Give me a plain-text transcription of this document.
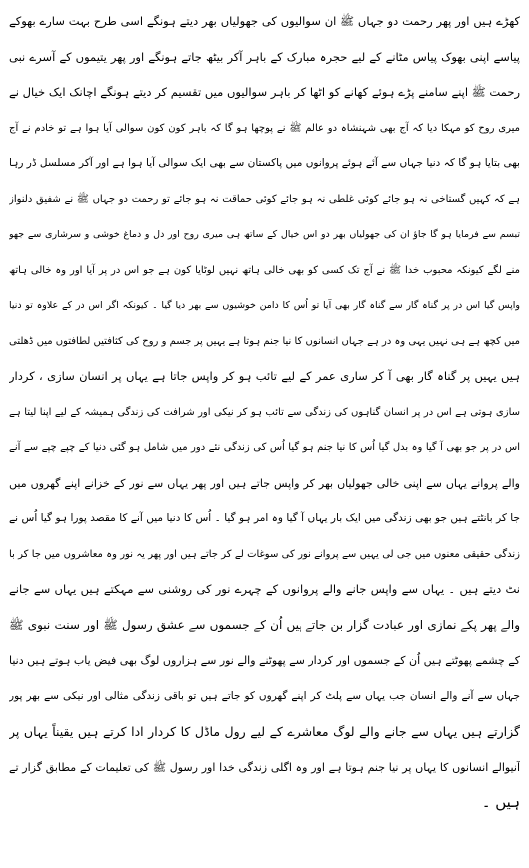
کھڑے ہیں اور پھر رحمت دو جہاں ﷺ ان سوالیوں کی جھولیاں بھر دیتے ہونگے اسی طرح بہت سارے بھوکے
پیاسے اپنی بھوک پیاس مٹانے کے لیے حجرہ مبارک کے باہر آکر بیٹھ جاتے ہونگے اور پھر یتیموں کے آسرے نبی
رحمت ﷺ اپنے سامنے پڑے ہوئے کھانے کو اٹھا کر باہر سوالیوں میں تقسیم کر دیتے ہونگے اچانک ایک خیال نے
میری روح کو مہکا دیا کہ آج بھی شہنشاہ دو عالم ﷺ نے پوچھا ہو گا کہ باہر کون کون سوالی آیا ہوا ہے تو خادم نے آج
بھی بتایا ہو گا کہ دنیا جہاں سے آئے ہوئے پروانوں میں پاکستان سے بھی ایک سوالی آیا ہوا ہے اور آکر مسلسل ڈر رہا
ہے کہ کہیں گستاخی نہ ہو جائے کوئی غلطی نہ ہو جائے کوئی حماقت نہ ہو جائے تو رحمت دو جہاں ﷺ نے شفیق دلنواز
تبسم سے فرمایا ہو گا جاؤ ان کی جھولیاں بھر دو اس خیال کے ساتھ ہی میری روح اور دل و دماغ خوشی و سرشاری سے جھو
منے لگے کیونکہ محبوب خدا ﷺ نے آج تک کسی کو بھی خالی ہاتھ نہیں لوٹایا کون ہے جو اس در پر آیا اور وہ خالی ہاتھ
واپس گیا اس در پر گناہ گار سے گناہ گار بھی آیا تو اُس کا دامن خوشیوں سے بھر دیا گیا ۔ کیونکہ اگر اس در کے علاوہ تو دنیا
میں کچھ ہے ہی نہیں یہی وہ در ہے جہاں انسانوں کا نیا جنم ہوتا ہے یہیں پر جسم و روح کی کثافتیں لطافتوں میں ڈھلتی
ہیں یہیں پر گناہ گار بھی آ کر ساری عمر کے لیے تائب ہو کر واپس جاتا ہے یہاں پر انسان سازی ، کردار
سازی ہوتی ہے اس در پر انسان گناہوں کی زندگی سے تائب ہو کر نیکی اور شرافت کی زندگی ہمیشہ کے لیے اپنا لیتا ہے
اس در پر جو بھی آ گیا وہ بدل گیا اُس کا نیا جنم ہو گیا اُس کی زندگی نئے دور میں شامل ہو گئی دنیا کے چپے چپے سے آنے
والے پروانے یہاں سے اپنی خالی جھولیاں بھر کر واپس جاتے ہیں اور پھر یہاں سے نور کے خزانے اپنے گھروں میں
جا کر بانٹتے ہیں جو بھی زندگی میں ایک بار یہاں آ گیا وہ امر ہو گیا ۔ اُس کا دنیا میں آنے کا مقصد پورا ہو گیا اُس نے
زندگی حقیقی معنوں میں جی لی یہیں سے پروانے نور کی سوغات لے کر جاتے ہیں اور پھر یہ نور وہ معاشروں میں جا کر با
نٹ دیتے ہیں ۔ یہاں سے واپس جانے والے پروانوں کے چہرے نور کی روشنی سے مہکتے ہیں یہاں سے جانے
والے پھر پکے نمازی اور عبادت گزار بن جاتے ہیں اُن کے جسموں سے عشق رسول ﷺ اور سنت نبوی ﷺ
کے چشمے پھوٹتے ہیں اُن کے جسموں اور کردار سے پھوٹنے والے نور سے ہزاروں لوگ بھی فیض یاب ہوتے ہیں دنیا
جہاں سے آنے والے انسان جب یہاں سے پلٹ کر اپنے گھروں کو جاتے ہیں تو باقی زندگی مثالی اور نیکی سے بھر پور
گزارتے ہیں یہاں سے جانے والے لوگ معاشرے کے لیے رول ماڈل کا کردار ادا کرتے ہیں یقیناً یہاں پر
آنیوالے انسانوں کا یہاں پر نیا جنم ہوتا ہے اور وہ اگلی زندگی خدا اور رسول ﷺ کی تعلیمات کے مطابق گزار تے
ہیں ۔
